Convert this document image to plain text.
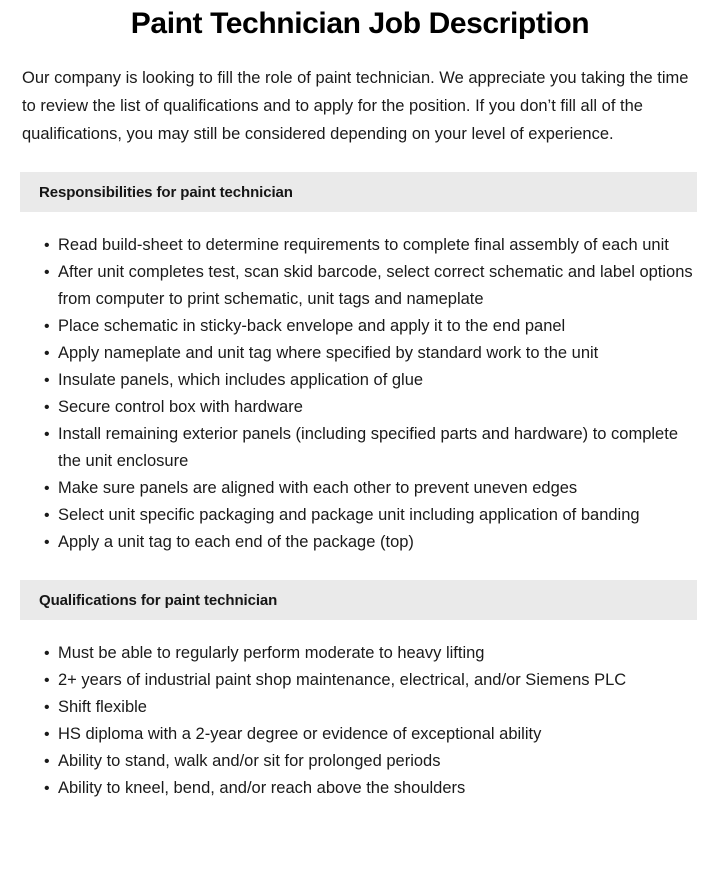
Paint Technician Job Description

Our company is looking to fill the role of paint technician. We appreciate you taking the time to review the list of qualifications and to apply for the position. If you don’t fill all of the qualifications, you may still be considered depending on your level of experience.

Responsibilities for paint technician
• Read build-sheet to determine requirements to complete final assembly of each unit
• After unit completes test, scan skid barcode, select correct schematic and label options from computer to print schematic, unit tags and nameplate
• Place schematic in sticky-back envelope and apply it to the end panel
• Apply nameplate and unit tag where specified by standard work to the unit
• Insulate panels, which includes application of glue
• Secure control box with hardware
• Install remaining exterior panels (including specified parts and hardware) to complete the unit enclosure
• Make sure panels are aligned with each other to prevent uneven edges
• Select unit specific packaging and package unit including application of banding
• Apply a unit tag to each end of the package (top)
Qualifications for paint technician
• Must be able to regularly perform moderate to heavy lifting
• 2+ years of industrial paint shop maintenance, electrical, and/or Siemens PLC
• Shift flexible
• HS diploma with a 2-year degree or evidence of exceptional ability
• Ability to stand, walk and/or sit for prolonged periods
• Ability to kneel, bend, and/or reach above the shoulders
